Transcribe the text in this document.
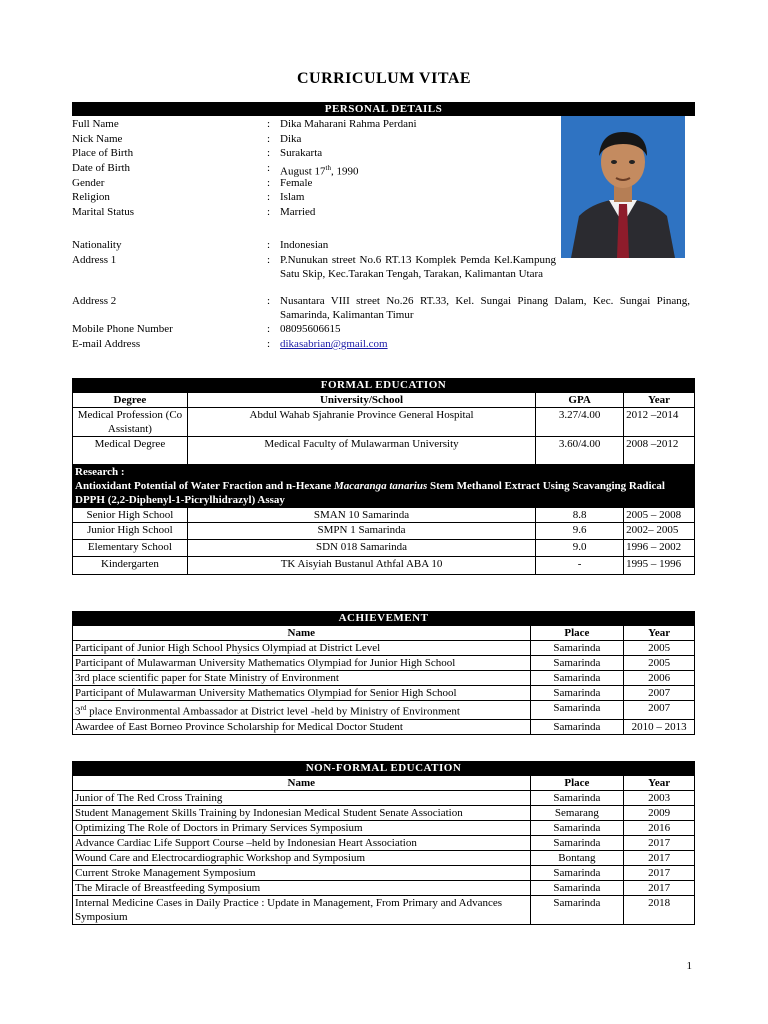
CURRICULUM VITAE
PERSONAL DETAILS
Full Name	: Dika Maharani Rahma Perdani
Nick Name	: Dika
Place of Birth	: Surakarta
Date of Birth	: August 17th, 1990
Gender	: Female
Religion	: Islam
Marital Status	: Married
Nationality	: Indonesian
Address 1	: P.Nunukan street No.6 RT.13 Komplek Pemda Kel.Kampung Satu Skip, Kec.Tarakan Tengah, Tarakan, Kalimantan Utara
Address 2	: Nusantara VIII street No.26 RT.33, Kel. Sungai Pinang Dalam, Kec. Sungai Pinang, Samarinda, Kalimantan Timur
Mobile Phone Number	: 08095606615
E-mail Address	: dikasabrian@gmail.com
FORMAL EDUCATION
Degree	University/School	GPA	Year
Medical Profession (Co Assistant)	Abdul Wahab Sjahranie Province General Hospital	3.27/4.00	2012 –2014
Medical Degree	Medical Faculty of Mulawarman University	3.60/4.00	2008 –2012

Research :
Antioxidant Potential of Water Fraction and n-Hexane Macaranga tanarius Stem Methanol Extract Using Scavanging Radical DPPH (2,2-Diphenyl-1-Picrylhidrazyl) Assay			

Senior High School	SMAN 10 Samarinda	8.8	2005 – 2008
Junior High School	SMPN 1 Samarinda	9.6	2002– 2005
Elementary School	SDN 018 Samarinda	9.0	1996 – 2002
Kindergarten	TK Aisyiah Bustanul Athfal ABA 10	-	1995 – 1996
ACHIEVEMENT
Name	Place	Year
Participant of Junior High School Physics Olympiad at District Level	Samarinda	2005
Participant of Mulawarman University Mathematics Olympiad for Junior High School	Samarinda	2005
3rd place scientific paper for State Ministry of Environment	Samarinda	2006
Participant of Mulawarman University Mathematics Olympiad for Senior High School	Samarinda	2007
3rd place Environmental Ambassador at District level -held by Ministry of Environment	Samarinda	2007
Awardee of East Borneo Province Scholarship for Medical Doctor Student	Samarinda	2010 – 2013
NON-FORMAL EDUCATION
Name	Place	Year
Junior of The Red Cross Training	Samarinda	2003
Student Management Skills Training by Indonesian Medical Student Senate Association	Semarang	2009
Optimizing The Role of Doctors in Primary Services Symposium	Samarinda	2016
Advance Cardiac Life Support Course –held by Indonesian Heart Association	Samarinda	2017
Wound Care and Electrocardiographic Workshop and Symposium	Bontang	2017
Current Stroke Management Symposium	Samarinda	2017
The Miracle of Breastfeeding Symposium	Samarinda	2017
Internal Medicine Cases in Daily Practice : Update in Management, From Primary and Advances Symposium	Samarinda	2018
1
